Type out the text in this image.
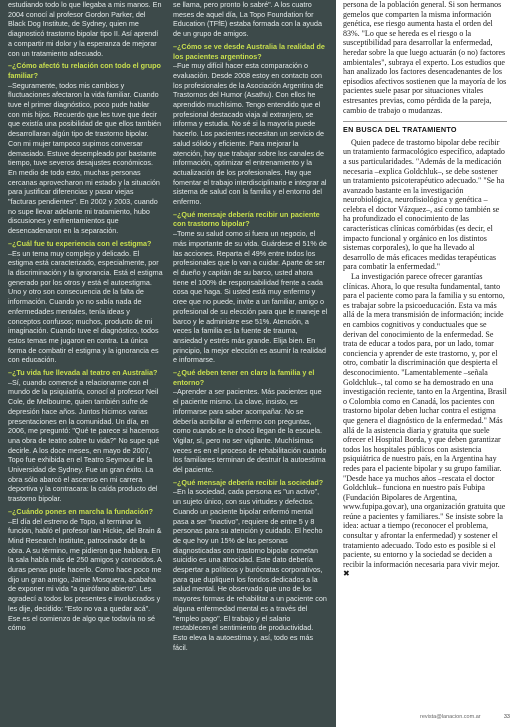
estudiando todo lo que llegaba a mis manos. En 2004 conocí al profesor Gordon Parker, del Black Dog Institute, de Sydney, quien me diagnosticó trastorno bipolar tipo II. Así aprendí a compartir mi dolor y la esperanza de mejorar con un tratamiento adecuado.

–¿Cómo afectó tu relación con todo el grupo familiar?

–Seguramente, todos mis cambios y fluctuaciones afectaron la vida familiar. Cuando tuve el primer diagnóstico, poco pude hablar con mis hijos. Recuerdo que les tuve que decir que existía una posibilidad de que ellos también desarrollaran algún tipo de trastorno bipolar. Con mi mujer tampoco supimos conversar demasiado. Estuve desempleado por bastante tiempo, tuve severos desajustes económicos. En medio de todo esto, muchas personas cercanas aprovecharon mi estado y la situación para justificar diferencias y pasar viejas "facturas pendientes". En 2002 y 2003, cuando no supe llevar adelante mi tratamiento, hubo discusiones y enfrentamientos que desencadenaron en la separación.

–¿Cuál fue tu experiencia con el estigma?

–Es un tema muy complejo y delicado. El estigma está caracterizado, especialmente, por la discriminación y la ignorancia. Está el estigma generado por los otros y está el autoestigma. Uno y otro son consecuencia de la falta de información. Cuando yo no sabía nada de enfermedades mentales, tenía ideas y conceptos confusos; muchos, producto de mi imaginación. Cuando tuve el diagnóstico, todos estos temas me jugaron en contra. La única forma de combatir el estigma y la ignorancia es con educación.

–¿Tu vida fue llevada al teatro en Australia?

–Sí, cuando comencé a relacionarme con el mundo de la psiquiatría, conocí al profesor Neil Cole, de Melbourne, quien también sufre de depresión hace años. Juntos hicimos varias presentaciones en la comunidad. Un día, en 2006, me preguntó: "Qué te parece si hacemos una obra de teatro sobre tu vida?" No supe qué decirle. A los doce meses, en mayo de 2007, Topo fue exhibida en el Teatro Seymour de la Universidad de Sydney. Fue un gran éxito. La obra sólo abarcó el ascenso en mi carrera deportiva y la contracara: la caída producto del trastorno bipolar.

–¿Cuándo pones en marcha la fundación?

–El día del estreno de Topo, al terminar la función, habló el profesor Ian Hickie, del Brain & Mind Research Institute, patrocinador de la obra. A su término, me pidieron que hablara. En la sala había más de 250 amigos y conocidos. A duras penas pude hacerlo. Como hace poco me dijo un gran amigo, Jaime Mosquera, acabaha de exponer mi vida "a quirófano abierto". Les agradecí a todos los presentes e involucrados y les dije, decidido: "Esto no va a quedar acá". Ese es el comienzo de algo que todavía no sé cómo

se llama, pero pronto lo sabré". A los cuatro meses de aquel día, La Topo Foundation for Education (TFfE) estaba formada con la ayuda de un grupo de amigos.

–¿Cómo se ve desde Australia la realidad de los pacientes argentinos?

–Fue muy difícil hacer esta comparación o evaluación. Desde 2008 estoy en contacto con los profesionales de la Asociación Argentina de Trastornos del Humor (Asathu). Con ellos he aprendido muchísimo. Tengo entendido que el profesional destacado viaja al extranjero, se informa y estudia. No sé si la mayoría puede hacerlo. Los pacientes necesitan un servicio de salud sólido y eficiente. Para mejorar la atención, hay que trabajar sobre los canales de información, optimizar el entrenamiento y la actualización de los profesionales. Hay que fomentar el trabajo interdisciplinario e integrar al sistema de salud con la familia y el entorno del enfermo.

–¿Qué mensaje debería recibir un paciente con trastorno bipolar?

–Tome su salud como si fuera un negocio, el más importante de su vida. Guárdese el 51% de las acciones. Reparta el 49% entre todos los profesionales que lo van a cuidar. Aparte de ser el dueño y capitán de su barco, usted ahora tiene el 100% de responsabilidad frente a cada cosa que haga. Si usted está muy enfermo y cree que no puede, invite a un familiar, amigo o profesional de su elección para que le maneje el barco y le administre ese 51%. Atención, a veces la familia es la fuente de trauma, ansiedad y estrés más grande. Elija bien. En principio, la mejor elección es asumir la realidad e informarse.

–¿Qué deben tener en claro la familia y el entorno?

–Aprender a ser pacientes. Más pacientes que el paciente mismo. La clave, insisto, es informarse para saber acompañar. No se debería acribillar al enfermo con preguntas, como cuando se lo chocó llegan de la escuela. Vigilar, sí, pero no ser vigilante. Muchísimas veces es en el proceso de rehabilitación cuando los familiares terminan de destruir la autoestima del paciente.

–¿Qué mensaje debería recibir la sociedad?

–En la sociedad, cada persona es "un activo", un sujeto único, con sus virtudes y defectos. Cuando un paciente bipolar enfermó mental pasa a ser "inactivo", requiere de entre 5 y 8 personas para su atención y cuidado. El hecho de que hoy un 15% de las personas diagnosticadas con trastorno bipolar cometan suicidio es una atrocidad. Este dato debería despertar a políticos y burócratas corporativos, para que dupliquen los fondos dedicados a la salud mental. He observado que uno de los mayores formas de rehabilitar a un paciente con alguna enfermedad mental es a través del "empleo pago". El trabajo y el salario restablecen el sentimiento de productividad. Esto eleva la autoestima y, así, todo es más fácil.

persona de la población general. Si son hermanos gemelos que comparten la misma información genética, ese riesgo aumenta hasta el orden del 83%. "Lo que se hereda es el riesgo o la susceptibilidad para desarrollar la enfermedad, heredar sobre la que luego actuarán (o no) factores ambientales", subraya el experto. Los estudios que han analizado los factores desencadenantes de los episodios afectivos sostienen que la mayoría de los pacientes suele pasar por situaciones vitales estresantes previas, como pérdida de la pareja, cambio de trabajo o mudanzas.

EN BUSCA DEL TRATAMIENTO

Quien padece de trastorno bipolar debe recibir un tratamiento farmacológico específico, adaptado a sus particularidades. "Además de la medicación necesaria –explica Goldchluk–, se debe sostener un tratamiento psicoterapéutico adecuado." "Se ha avanzado bastante en la investigación neurobiológica, neurofisiológica y genética –celebra el doctor Vázquez–, así como también se ha profundizado el conocimiento de las características clínicas comórbidas (es decir, el impacto funcional y orgánico en los distintos sistemas corporales), lo que ha llevado al desarrollo de más eficaces medidas terapéuticas para combatir la enfermedad."

La investigación parece ofrecer garantías clínicas. Ahora, lo que resulta fundamental, tanto para el paciente como para la familia y su entorno, es trabajar sobre la psicoeducación. Esta va más allá de la mera transmisión de información; incide en cambios cognitivos y conductuales que se derivan del conocimiento de la enfermedad. Se trata de educar a todos para, por un lado, tomar conciencia y aprender de este trastorno, y, por el otro, combatir la discriminación que despierta el desconocimiento. "Lamentablemente –señala Goldchluk–, tal como se ha demostrado en una investigación reciente, tanto en la Argentina, Brasil o Colombia como en Canadá, los pacientes con trastorno bipolar deben luchar contra el estigma que genera el diagnóstico de la enfermedad." Más allá de la asistencia diaria y gratuita que suele ofrecer el Hospital Borda, y que deben garantizar todos los hospitales públicos con asistencia psiquiátrica de nuestro país, en la Argentina hay redes para el paciente bipolar y su grupo familiar. "Desde hace ya muchos años –rescata el doctor Goldchluk– funciona en nuestro país Fubipa (Fundación Bipolares de Argentina, www.fupipa.gov.ar), una organización gratuita que reúne a pacientes y familiares." Se insiste sobre la idea: actuar a tiempo (reconocer el problema, consultar y afrontar la enfermedad) y sostener el tratamiento adecuado. Todo esto es posible si el paciente, su entorno y la sociedad se deciden a recibir la información necesaria para vivir mejor. ✖

revista@lanacion.com.ar	33
